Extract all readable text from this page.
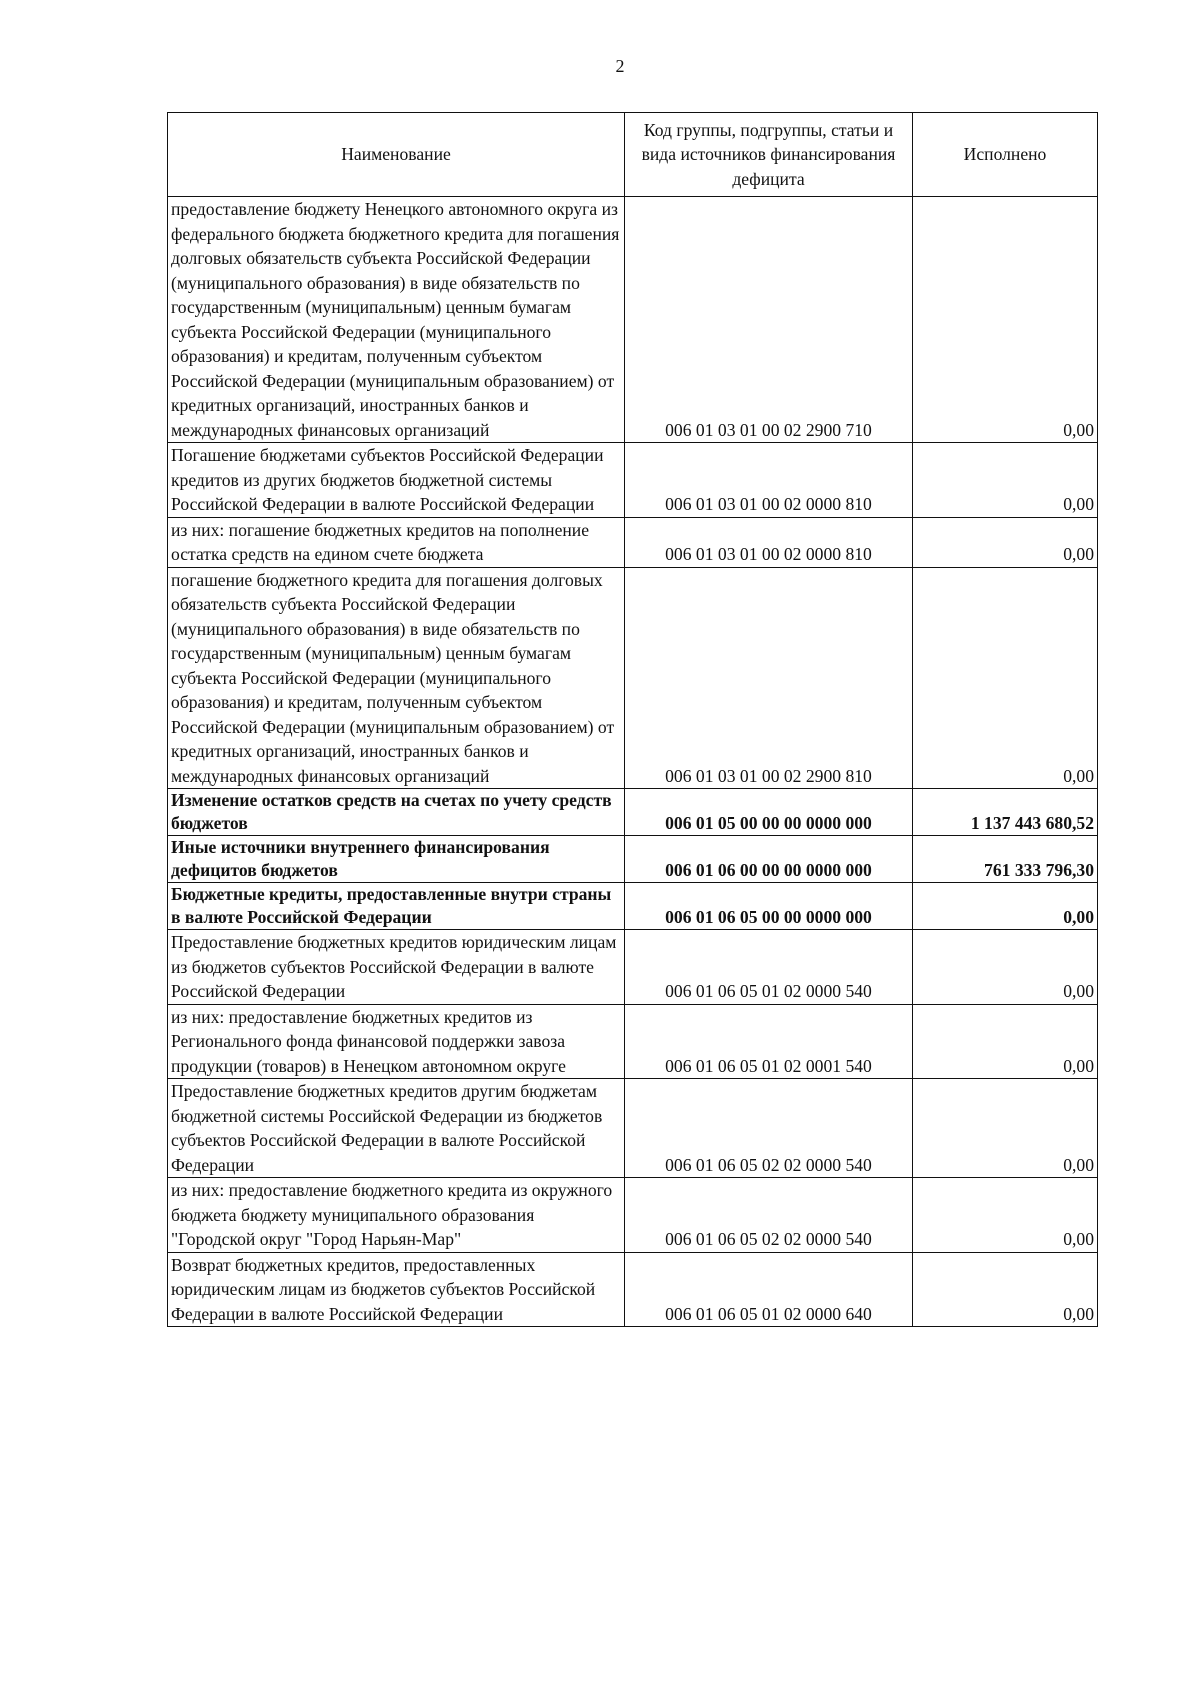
2
Наименование	Код группы, подгруппы, статьи и вида источников финансирования дефицита	Исполнено
предоставление бюджету Ненецкого автономного округа из федерального бюджета бюджетного кредита для погашения долговых обязательств субъекта Российской Федерации (муниципального образования) в виде обязательств по государственным (муниципальным) ценным бумагам субъекта Российской Федерации (муниципального образования) и кредитам, полученным субъектом Российской Федерации (муниципальным образованием) от кредитных организаций, иностранных банков и международных финансовых организаций	006 01 03 01 00 02 2900 710	0,00
Погашение бюджетами субъектов Российской Федерации кредитов из других бюджетов бюджетной системы Российской Федерации в валюте Российской Федерации	006 01 03 01 00 02 0000 810	0,00
из них: погашение бюджетных кредитов на пополнение остатка средств на едином счете бюджета	006 01 03 01 00 02 0000 810	0,00
погашение бюджетного кредита для погашения долговых обязательств субъекта Российской Федерации (муниципального образования) в виде обязательств по государственным (муниципальным) ценным бумагам субъекта Российской Федерации (муниципального образования) и кредитам, полученным субъектом Российской Федерации (муниципальным образованием) от кредитных организаций, иностранных банков и международных финансовых организаций	006 01 03 01 00 02 2900 810	0,00
Изменение остатков средств на счетах по учету средств бюджетов	006 01 05 00 00 00 0000 000	1 137 443 680,52
Иные источники внутреннего финансирования дефицитов бюджетов	006 01 06 00 00 00 0000 000	761 333 796,30
Бюджетные кредиты, предоставленные внутри страны в валюте Российской Федерации	006 01 06 05 00 00 0000 000	0,00
Предоставление бюджетных кредитов юридическим лицам из бюджетов субъектов Российской Федерации в валюте Российской Федерации	006 01 06 05 01 02 0000 540	0,00
из них: предоставление бюджетных кредитов из Регионального фонда финансовой поддержки завоза продукции (товаров) в Ненецком автономном округе	006 01 06 05 01 02 0001 540	0,00
Предоставление бюджетных кредитов другим бюджетам бюджетной системы Российской Федерации из бюджетов субъектов Российской Федерации в валюте Российской Федерации	006 01 06 05 02 02 0000 540	0,00
из них: предоставление бюджетного кредита из окружного бюджета бюджету муниципального образования "Городской округ "Город Нарьян-Мар"	006 01 06 05 02 02 0000 540	0,00
Возврат бюджетных кредитов, предоставленных юридическим лицам из бюджетов субъектов Российской Федерации в валюте Российской Федерации	006 01 06 05 01 02 0000 640	0,00
